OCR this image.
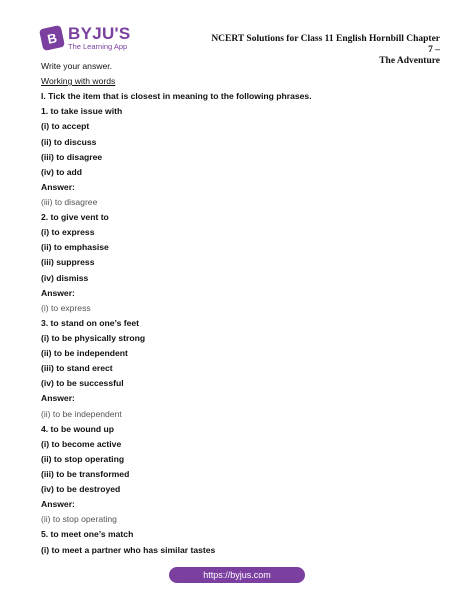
B BYJU'S
The Learning App
NCERT Solutions for Class 11 English Hornbill Chapter 7 –
The Adventure
Write your answer.
Working with words
I. Tick the item that is closest in meaning to the following phrases.
1. to take issue with
(i) to accept
(ii) to discuss
(iii) to disagree
(iv) to add
Answer:
(iii) to disagree
2. to give vent to
(i) to express
(ii) to emphasise
(iii) suppress
(iv) dismiss
Answer:
(i) to express
3. to stand on one’s feet
(i) to be physically strong
(ii) to be independent
(iii) to stand erect
(iv) to be successful
Answer:
(ii) to be independent
4. to be wound up
(i) to become active
(ii) to stop operating
(iii) to be transformed
(iv) to be destroyed
Answer:
(ii) to stop operating
5. to meet one’s match
(i) to meet a partner who has similar tastes
https://byjus.com
